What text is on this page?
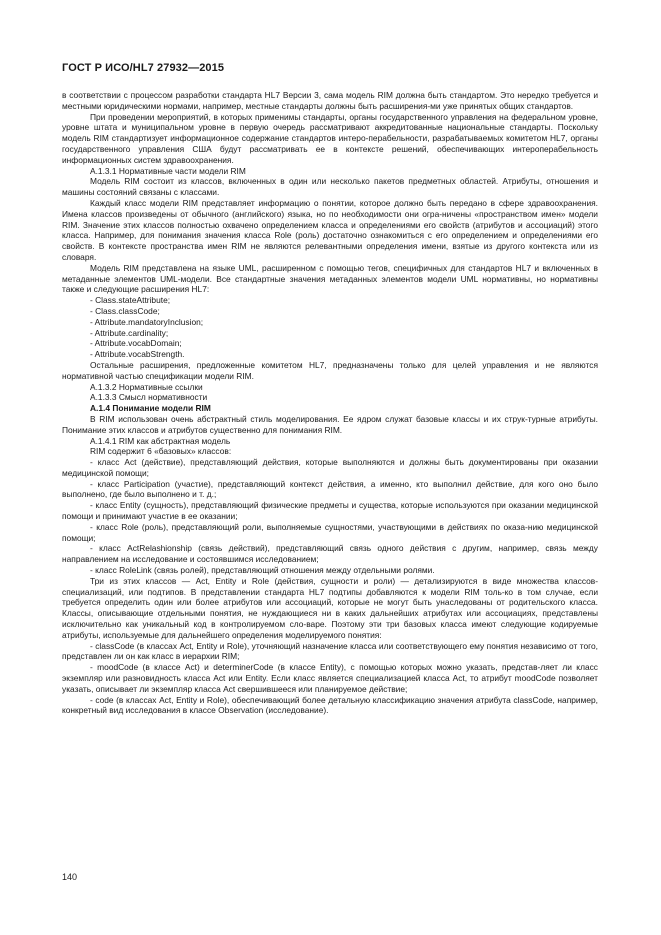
ГОСТ Р ИСО/HL7 27932—2015

в соответствии с процессом разработки стандарта HL7 Версии 3, сама модель RIM должна быть стандартом. Это нередко требуется и местными юридическими нормами, например, местные стандарты должны быть расширения-ми уже принятых общих стандартов.

При проведении мероприятий, в которых применимы стандарты, органы государственного управления на федеральном уровне, уровне штата и муниципальном уровне в первую очередь рассматривают аккредитованные национальные стандарты. Поскольку модель RIM стандартизует информационное содержание стандартов интеро-перабельности, разрабатываемых комитетом HL7, органы государственного управления США будут рассматривать ее в контексте решений, обеспечивающих интероперабельность информационных систем здравоохранения.

A.1.3.1 Нормативные части модели RIM

Модель RIM состоит из классов, включенных в один или несколько пакетов предметных областей. Атрибуты, отношения и машины состояний связаны с классами.

Каждый класс модели RIM представляет информацию о понятии, которое должно быть передано в сфере здравоохранения. Имена классов произведены от обычного (английского) языка, но по необходимости они огра-ничены «пространством имен» модели RIM. Значение этих классов полностью охвачено определением класса и определениями его свойств (атрибутов и ассоциаций) этого класса. Например, для понимания значения класса Role (роль) достаточно ознакомиться с его определением и определениями его свойств. В контексте пространства имен RIM не являются релевантными определения имени, взятые из другого контекста или из словаря.

Модель RIM представлена на языке UML, расширенном с помощью тегов, специфичных для стандартов HL7 и включенных в метаданные элементов UML-модели. Все стандартные значения метаданных элементов модели UML нормативны, но нормативны также и следующие расширения HL7:

- Class.stateAttribute;

- Class.classCode;

- Attribute.mandatoryInclusion;

- Attribute.cardinality;

- Attribute.vocabDomain;

- Attribute.vocabStrength.

Остальные расширения, предложенные комитетом HL7, предназначены только для целей управления и не являются нормативной частью спецификации модели RIM.

A.1.3.2 Нормативные ссылки

A.1.3.3 Смысл нормативности

A.1.4 Понимание модели RIM

В RIM использован очень абстрактный стиль моделирования. Ее ядром служат базовые классы и их струк-турные атрибуты. Понимание этих классов и атрибутов существенно для понимания RIM.

A.1.4.1 RIM как абстрактная модель

RIM содержит 6 «базовых» классов:

- класс Act (действие), представляющий действия, которые выполняются и должны быть документированы при оказании медицинской помощи;

- класс Participation (участие), представляющий контекст действия, а именно, кто выполнил действие, для кого оно было выполнено, где было выполнено и т. д.;

- класс Entity (сущность), представляющий физические предметы и существа, которые используются при оказании медицинской помощи и принимают участие в ее оказании;

- класс Role (роль), представляющий роли, выполняемые сущностями, участвующими в действиях по оказа-нию медицинской помощи;

- класс ActRelashionship (связь действий), представляющий связь одного действия с другим, например, связь между направлением на исследование и состоявшимся исследованием;

- класс RoleLink (связь ролей), представляющий отношения между отдельными ролями.

Три из этих классов — Act, Entity и Role (действия, сущности и роли) — детализируются в виде множества классов-специализаций, или подтипов. В представлении стандарта HL7 подтипы добавляются к модели RIM толь-ко в том случае, если требуется определить один или более атрибутов или ассоциаций, которые не могут быть унаследованы от родительского класса. Классы, описывающие отдельными понятия, не нуждающиеся ни в каких дальнейших атрибутах или ассоциациях, представлены исключительно как уникальный код в контролируемом сло-варе. Поэтому эти три базовых класса имеют следующие кодируемые атрибуты, используемые для дальнейшего определения моделируемого понятия:

- classCode (в классах Act, Entity и Role), уточняющий назначение класса или соответствующего ему понятия независимо от того, представлен ли он как класс в иерархии RIM;

- moodCode (в классе Act) и determinerCode (в классе Entity), с помощью которых можно указать, представ-ляет ли класс экземпляр или разновидность класса Act или Entity. Если класс является специализацией класса Act, то атрибут moodCode позволяет указать, описывает ли экземпляр класса Act свершившееся или планируемое действие;

- code (в классах Act, Entity и Role), обеспечивающий более детальную классификацию значения атрибута classCode, например, конкретный вид исследования в классе Observation (исследование).

140
